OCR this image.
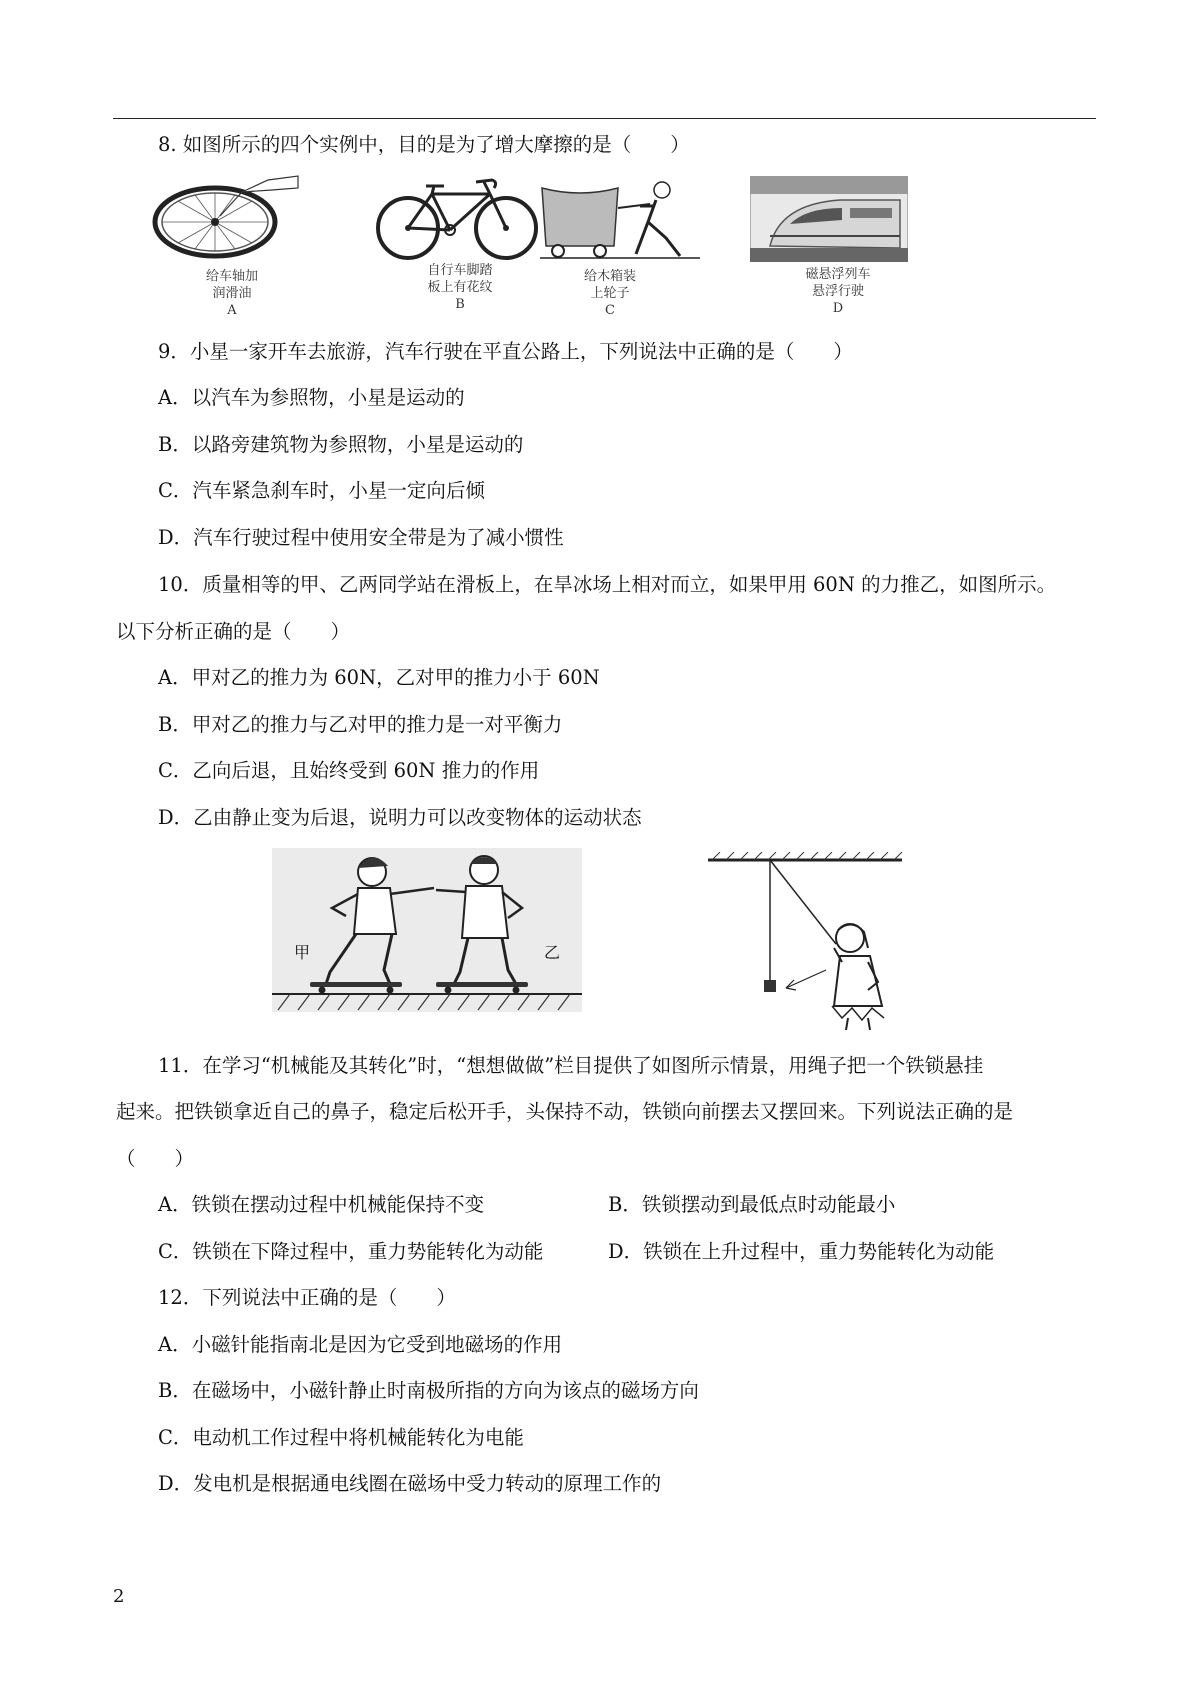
8. 如图所示的四个实例中，目的是为了增大摩擦的是（　　）
给车轴加
润滑油
A
自行车脚踏
板上有花纹
B
给木箱装
上轮子
C
磁悬浮列车
悬浮行驶
D
9．小星一家开车去旅游，汽车行驶在平直公路上，下列说法中正确的是（　　）
A．以汽车为参照物，小星是运动的
B．以路旁建筑物为参照物，小星是运动的
C．汽车紧急刹车时，小星一定向后倾
D．汽车行驶过程中使用安全带是为了减小惯性
10．质量相等的甲、乙两同学站在滑板上，在旱冰场上相对而立，如果甲用 60N 的力推乙，如图所示。
以下分析正确的是（　　）
A．甲对乙的推力为 60N，乙对甲的推力小于 60N
B．甲对乙的推力与乙对甲的推力是一对平衡力
C．乙向后退，且始终受到 60N 推力的作用
D．乙由静止变为后退，说明力可以改变物体的运动状态
甲	乙
11．在学习“机械能及其转化”时，“想想做做”栏目提供了如图所示情景，用绳子把一个铁锁悬挂
起来。把铁锁拿近自己的鼻子，稳定后松开手，头保持不动，铁锁向前摆去又摆回来。下列说法正确的是
（　　）
A．铁锁在摆动过程中机械能保持不变	B．铁锁摆动到最低点时动能最小
C．铁锁在下降过程中，重力势能转化为动能	D．铁锁在上升过程中，重力势能转化为动能
12．下列说法中正确的是（　　）
A．小磁针能指南北是因为它受到地磁场的作用
B．在磁场中，小磁针静止时南极所指的方向为该点的磁场方向
C．电动机工作过程中将机械能转化为电能
D．发电机是根据通电线圈在磁场中受力转动的原理工作的
2
